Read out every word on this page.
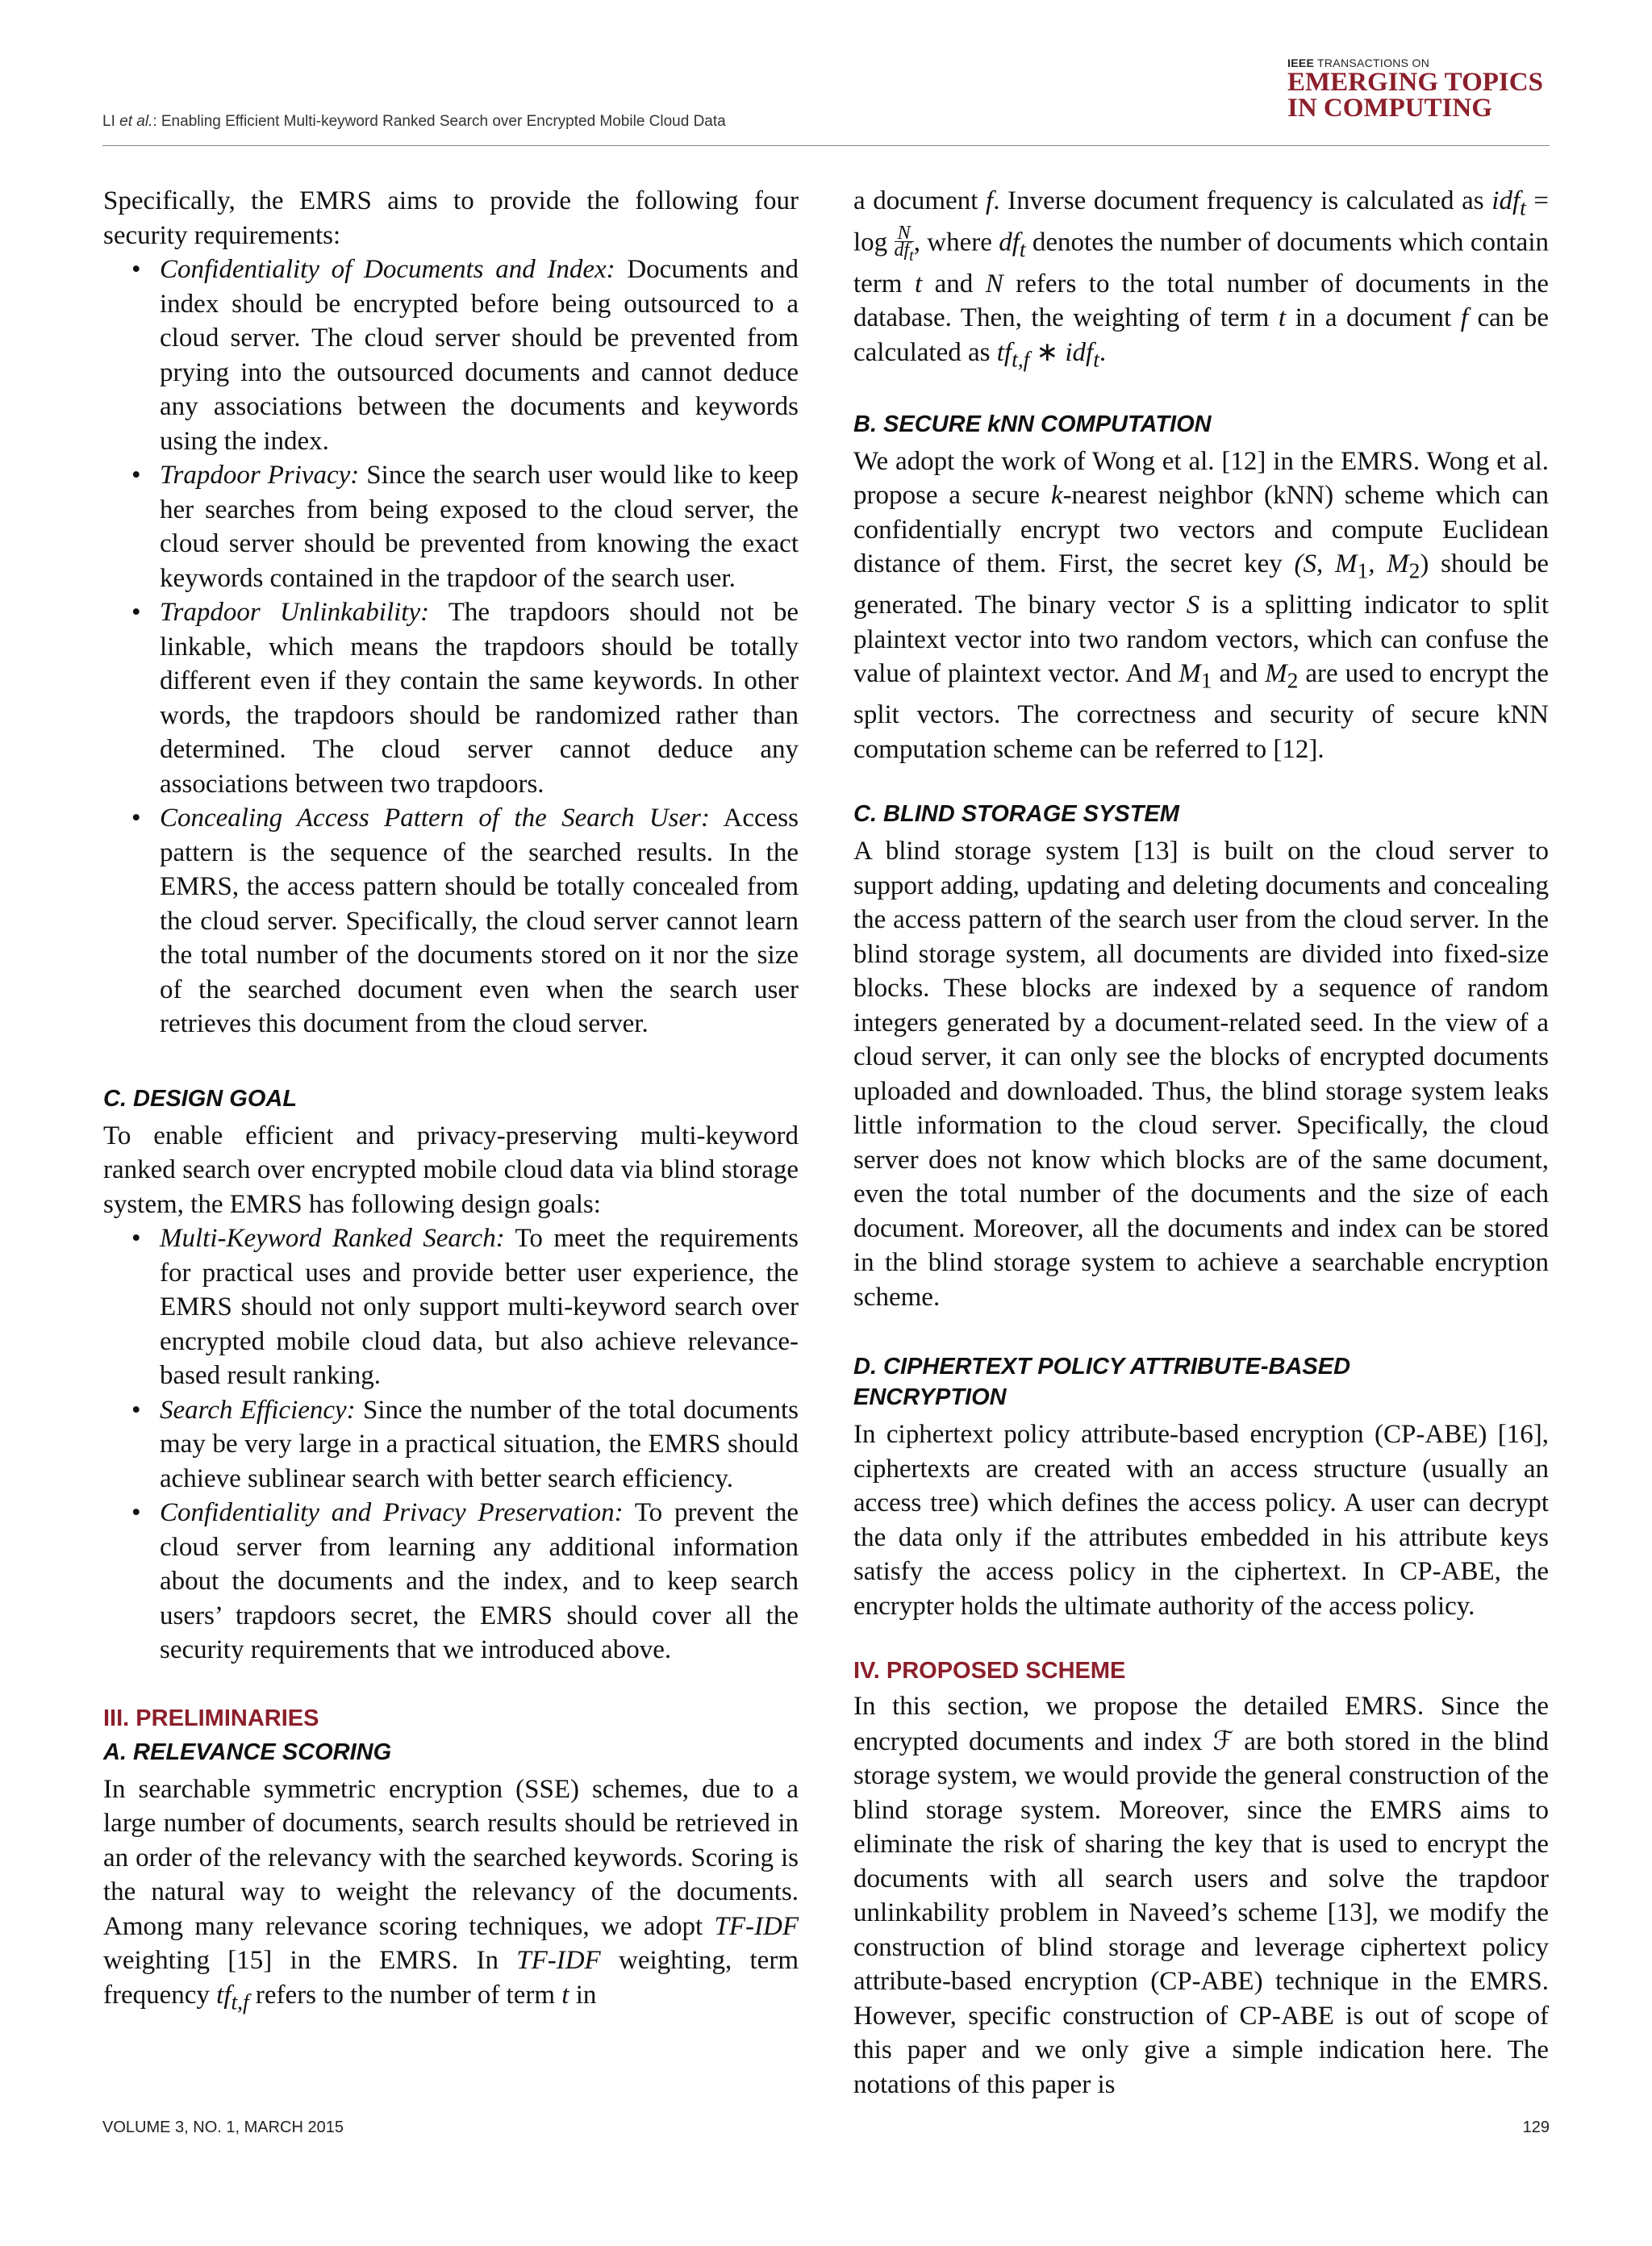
LI et al.: Enabling Efficient Multi-keyword Ranked Search over Encrypted Mobile Cloud Data
IEEE TRANSACTIONS ON
EMERGING TOPICS
IN COMPUTING

Specifically, the EMRS aims to provide the following four security requirements:

• Confidentiality of Documents and Index: Documents and index should be encrypted before being outsourced to a cloud server. The cloud server should be prevented from prying into the outsourced documents and cannot deduce any associations between the documents and keywords using the index.
• Trapdoor Privacy: Since the search user would like to keep her searches from being exposed to the cloud server, the cloud server should be prevented from knowing the exact keywords contained in the trapdoor of the search user.
• Trapdoor Unlinkability: The trapdoors should not be linkable, which means the trapdoors should be totally different even if they contain the same keywords. In other words, the trapdoors should be randomized rather than determined. The cloud server cannot deduce any associations between two trapdoors.
• Concealing Access Pattern of the Search User: Access pattern is the sequence of the searched results. In the EMRS, the access pattern should be totally concealed from the cloud server. Specifically, the cloud server cannot learn the total number of the documents stored on it nor the size of the searched document even when the search user retrieves this document from the cloud server.
C. DESIGN GOAL

To enable efficient and privacy-preserving multi-keyword ranked search over encrypted mobile cloud data via blind storage system, the EMRS has following design goals:

• Multi-Keyword Ranked Search: To meet the requirements for practical uses and provide better user experience, the EMRS should not only support multi-keyword search over encrypted mobile cloud data, but also achieve relevance-based result ranking.
• Search Efficiency: Since the number of the total documents may be very large in a practical situation, the EMRS should achieve sublinear search with better search efficiency.
• Confidentiality and Privacy Preservation: To prevent the cloud server from learning any additional information about the documents and the index, and to keep search users’ trapdoors secret, the EMRS should cover all the security requirements that we introduced above.
III. PRELIMINARIES
A. RELEVANCE SCORING

In searchable symmetric encryption (SSE) schemes, due to a large number of documents, search results should be retrieved in an order of the relevancy with the searched keywords. Scoring is the natural way to weight the relevancy of the documents. Among many relevance scoring techniques, we adopt TF-IDF weighting [15] in the EMRS. In TF-IDF weighting, term frequency $tf_{t,f}$ refers to the number of term t in

a document f. Inverse document frequency is calculated as idf$_t$ = log N
$df_t$ , where $df_t$ denotes the number of documents which contain term t and N refers to the total number of documents in the database. Then, the weighting of term t in a document f can be calculated as $tf_{t,f}$ ∗ idf$_t$.

B. SECURE kNN COMPUTATION

We adopt the work of Wong et al. [12] in the EMRS. Wong et al. propose a secure k-nearest neighbor (kNN) scheme which can confidentially encrypt two vectors and compute Euclidean distance of them. First, the secret key (S, $M_1$, $M_2$) should be generated. The binary vector S is a splitting indicator to split plaintext vector into two random vectors, which can confuse the value of plaintext vector. And $M_1$ and $M_2$ are used to encrypt the split vectors. The correctness and security of secure kNN computation scheme can be referred to [12].

C. BLIND STORAGE SYSTEM

A blind storage system [13] is built on the cloud server to support adding, updating and deleting documents and concealing the access pattern of the search user from the cloud server. In the blind storage system, all documents are divided into fixed-size blocks. These blocks are indexed by a sequence of random integers generated by a document-related seed. In the view of a cloud server, it can only see the blocks of encrypted documents uploaded and downloaded. Thus, the blind storage system leaks little information to the cloud server. Specifically, the cloud server does not know which blocks are of the same document, even the total number of the documents and the size of each document. Moreover, all the documents and index can be stored in the blind storage system to achieve a searchable encryption scheme.

D. CIPHERTEXT POLICY ATTRIBUTE-BASED
ENCRYPTION

In ciphertext policy attribute-based encryption (CP-ABE) [16], ciphertexts are created with an access structure (usually an access tree) which defines the access policy. A user can decrypt the data only if the attributes embedded in his attribute keys satisfy the access policy in the ciphertext. In CP-ABE, the encrypter holds the ultimate authority of the access policy.

IV. PROPOSED SCHEME

In this section, we propose the detailed EMRS. Since the encrypted documents and index ℱ are both stored in the blind storage system, we would provide the general construction of the blind storage system. Moreover, since the EMRS aims to eliminate the risk of sharing the key that is used to encrypt the documents with all search users and solve the trapdoor unlinkability problem in Naveed’s scheme [13], we modify the construction of blind storage and leverage ciphertext policy attribute-based encryption (CP-ABE) technique in the EMRS. However, specific construction of CP-ABE is out of scope of this paper and we only give a simple indication here. The notations of this paper is

VOLUME 3, NO. 1, MARCH 2015	129
